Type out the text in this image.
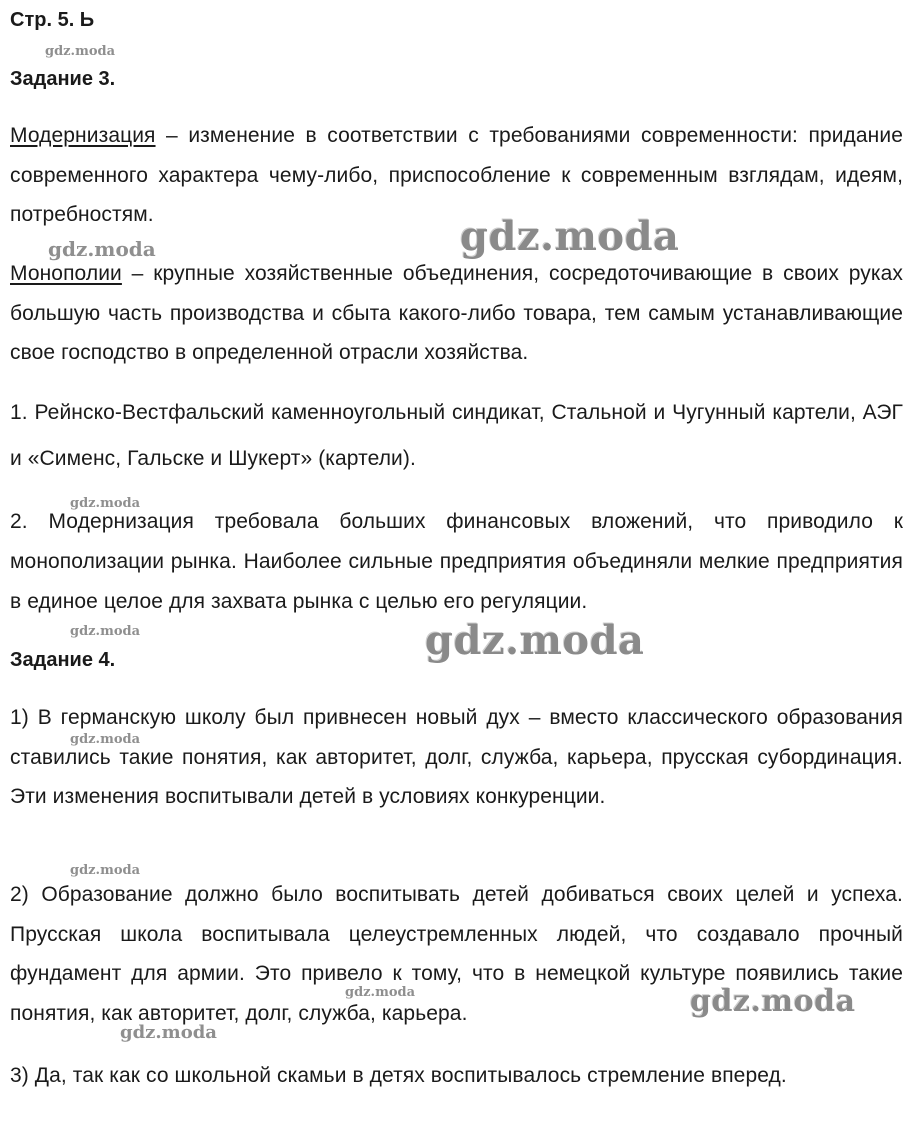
Стр. 5. Ь
Задание 3.
Модернизация – изменение в соответствии с требованиями современности: придание современного характера чему-либо, приспособление к современным взглядам, идеям, потребностям.
Монополии – крупные хозяйственные объединения, сосредоточивающие в своих руках большую часть производства и сбыта какого-либо товара, тем самым устанавливающие свое господство в определенной отрасли хозяйства.
1. Рейнско-Вестфальский каменноугольный синдикат, Стальной и Чугунный картели, АЭГ и «Сименс, Гальске и Шукерт» (картели).
2. Модернизация требовала больших финансовых вложений, что приводило к монополизации рынка. Наиболее сильные предприятия объединяли мелкие предприятия в единое целое для захвата рынка с целью его регуляции.
Задание 4.
1) В германскую школу был привнесен новый дух – вместо классического образования ставились такие понятия, как авторитет, долг, служба, карьера, прусская субординация. Эти изменения воспитывали детей в условиях конкуренции.
2) Образование должно было воспитывать детей добиваться своих целей и успеха. Прусская школа воспитывала целеустремленных людей, что создавало прочный фундамент для армии. Это привело к тому, что в немецкой культуре появились такие понятия, как авторитет, долг, служба, карьера.
3) Да, так как со школьной скамьи в детях воспитывалось стремление вперед.
gdz.moda
gdz.moda	gdz.moda
gdz.moda
gdz.moda	gdz.moda
gdz.moda
gdz.moda
gdz.moda	gdz.moda
gdz.moda
